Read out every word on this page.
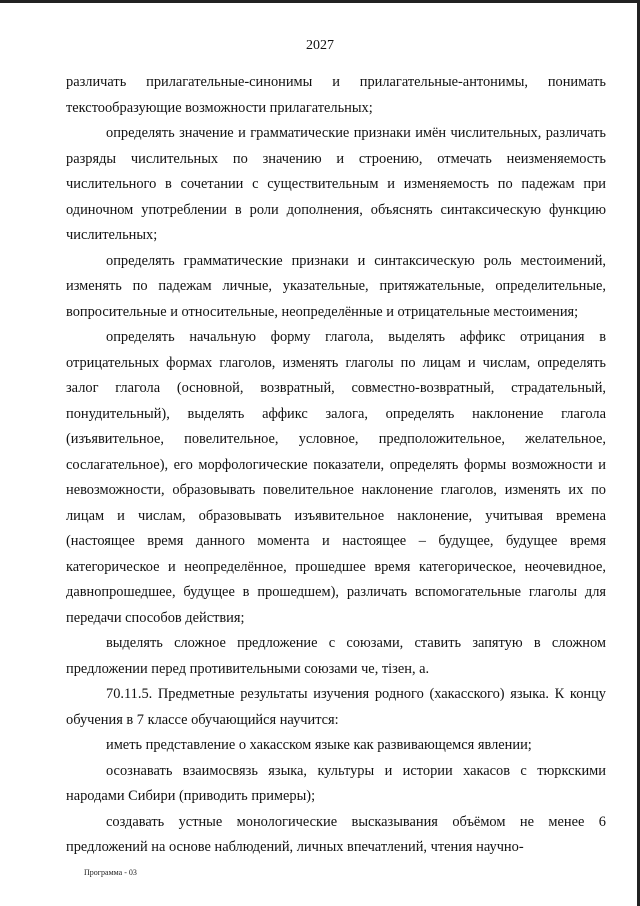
2027

различать прилагательные-синонимы и прилагательные-антонимы, понимать текстообразующие возможности прилагательных;

определять значение и грамматические признаки имён числительных, различать разряды числительных по значению и строению, отмечать неизменяемость числительного в сочетании с существительным и изменяемость по падежам при одиночном употреблении в роли дополнения, объяснять синтаксическую функцию числительных;

определять грамматические признаки и синтаксическую роль местоимений, изменять по падежам личные, указательные, притяжательные, определительные, вопросительные и относительные, неопределённые и отрицательные местоимения;

определять начальную форму глагола, выделять аффикс отрицания в отрицательных формах глаголов, изменять глаголы по лицам и числам, определять залог глагола (основной, возвратный, совместно-возвратный, страдательный, понудительный), выделять аффикс залога, определять наклонение глагола (изъявительное, повелительное, условное, предположительное, желательное, сослагательное), его морфологические показатели, определять формы возможности и невозможности, образовывать повелительное наклонение глаголов, изменять их по лицам и числам, образовывать изъявительное наклонение, учитывая времена (настоящее время данного момента и настоящее – будущее, будущее время категорическое и неопределённое, прошедшее время категорическое, неочевидное, давнопрошедшее, будущее в прошедшем), различать вспомогательные глаголы для передачи способов действия;

выделять сложное предложение с союзами, ставить запятую в сложном предложении перед противительными союзами че, тізен, а.

70.11.5. Предметные результаты изучения родного (хакасского) языка. К концу обучения в 7 классе обучающийся научится:

иметь представление о хакасском языке как развивающемся явлении;

осознавать взаимосвязь языка, культуры и истории хакасов с тюркскими народами Сибири (приводить примеры);

создавать устные монологические высказывания объёмом не менее 6 предложений на основе наблюдений, личных впечатлений, чтения научно-

Программа - 03
